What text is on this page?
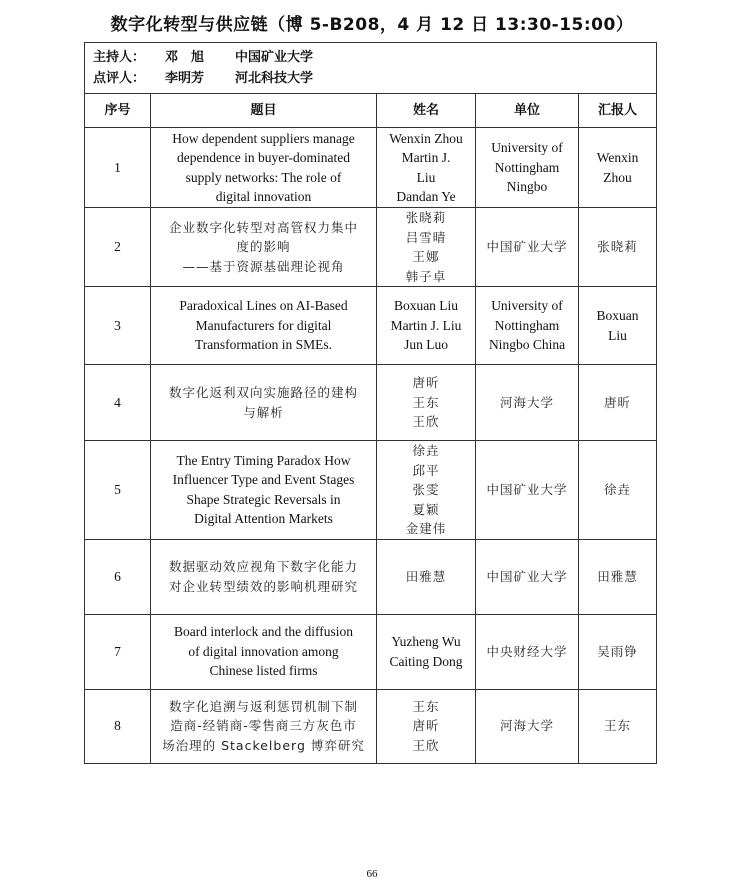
数字化转型与供应链（博 5-B208，4 月 12 日 13:30-15:00）
主持人： 邓　旭 中国矿业大学
点评人： 李明芳 河北科技大学				

序号	题目	姓名	单位	汇报人
1	How dependent suppliers manage
dependence in buyer-dominated
supply networks: The role of
digital innovation	Wenxin Zhou
Martin J.
Liu
Dandan Ye	University of
Nottingham
Ningbo	Wenxin
Zhou

2	企业数字化转型对高管权力集中
度的影响
——基于资源基础理论视角	张晓莉
吕雪晴
王娜
韩子卓	中国矿业大学	张晓莉

3	Paradoxical Lines on AI-Based
Manufacturers for digital
Transformation in SMEs.	Boxuan Liu
Martin J. Liu
Jun Luo	University of
Nottingham
Ningbo China	Boxuan
Liu

4	数字化返利双向实施路径的建构
与解析	唐昕
王东
王欣	河海大学	唐昕

5	The Entry Timing Paradox How
Influencer Type and Event Stages
Shape Strategic Reversals in
Digital Attention Markets	徐垚
邱平
张雯
夏颖
金建伟	中国矿业大学	徐垚

6	数据驱动效应视角下数字化能力
对企业转型绩效的影响机理研究	田雅慧	中国矿业大学	田雅慧

7	Board interlock and the diffusion
of digital innovation among
Chinese listed firms	Yuzheng Wu
Caiting Dong	中央财经大学	吴雨铮

8	数字化追溯与返利惩罚机制下制
造商-经销商-零售商三方灰色市
场治理的 Stackelberg 博弈研究	王东
唐昕
王欣	河海大学	王东
66
